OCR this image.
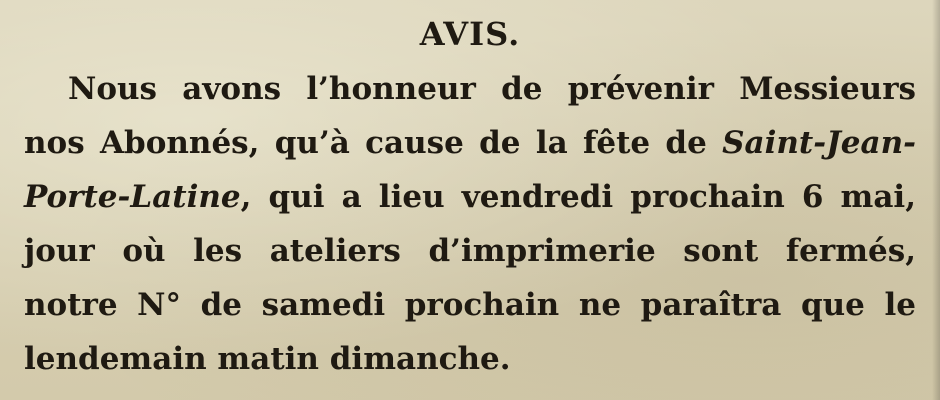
AVIS.
Nous avons l’honneur de prévenir Messieurs
nos Abonnés, qu’à cause de la fête de Saint-Jean-
Porte-Latine, qui a lieu vendredi prochain 6 mai,
jour où les ateliers d’imprimerie sont fermés,
notre N° de samedi prochain ne paraîtra que le
lendemain matin dimanche.
